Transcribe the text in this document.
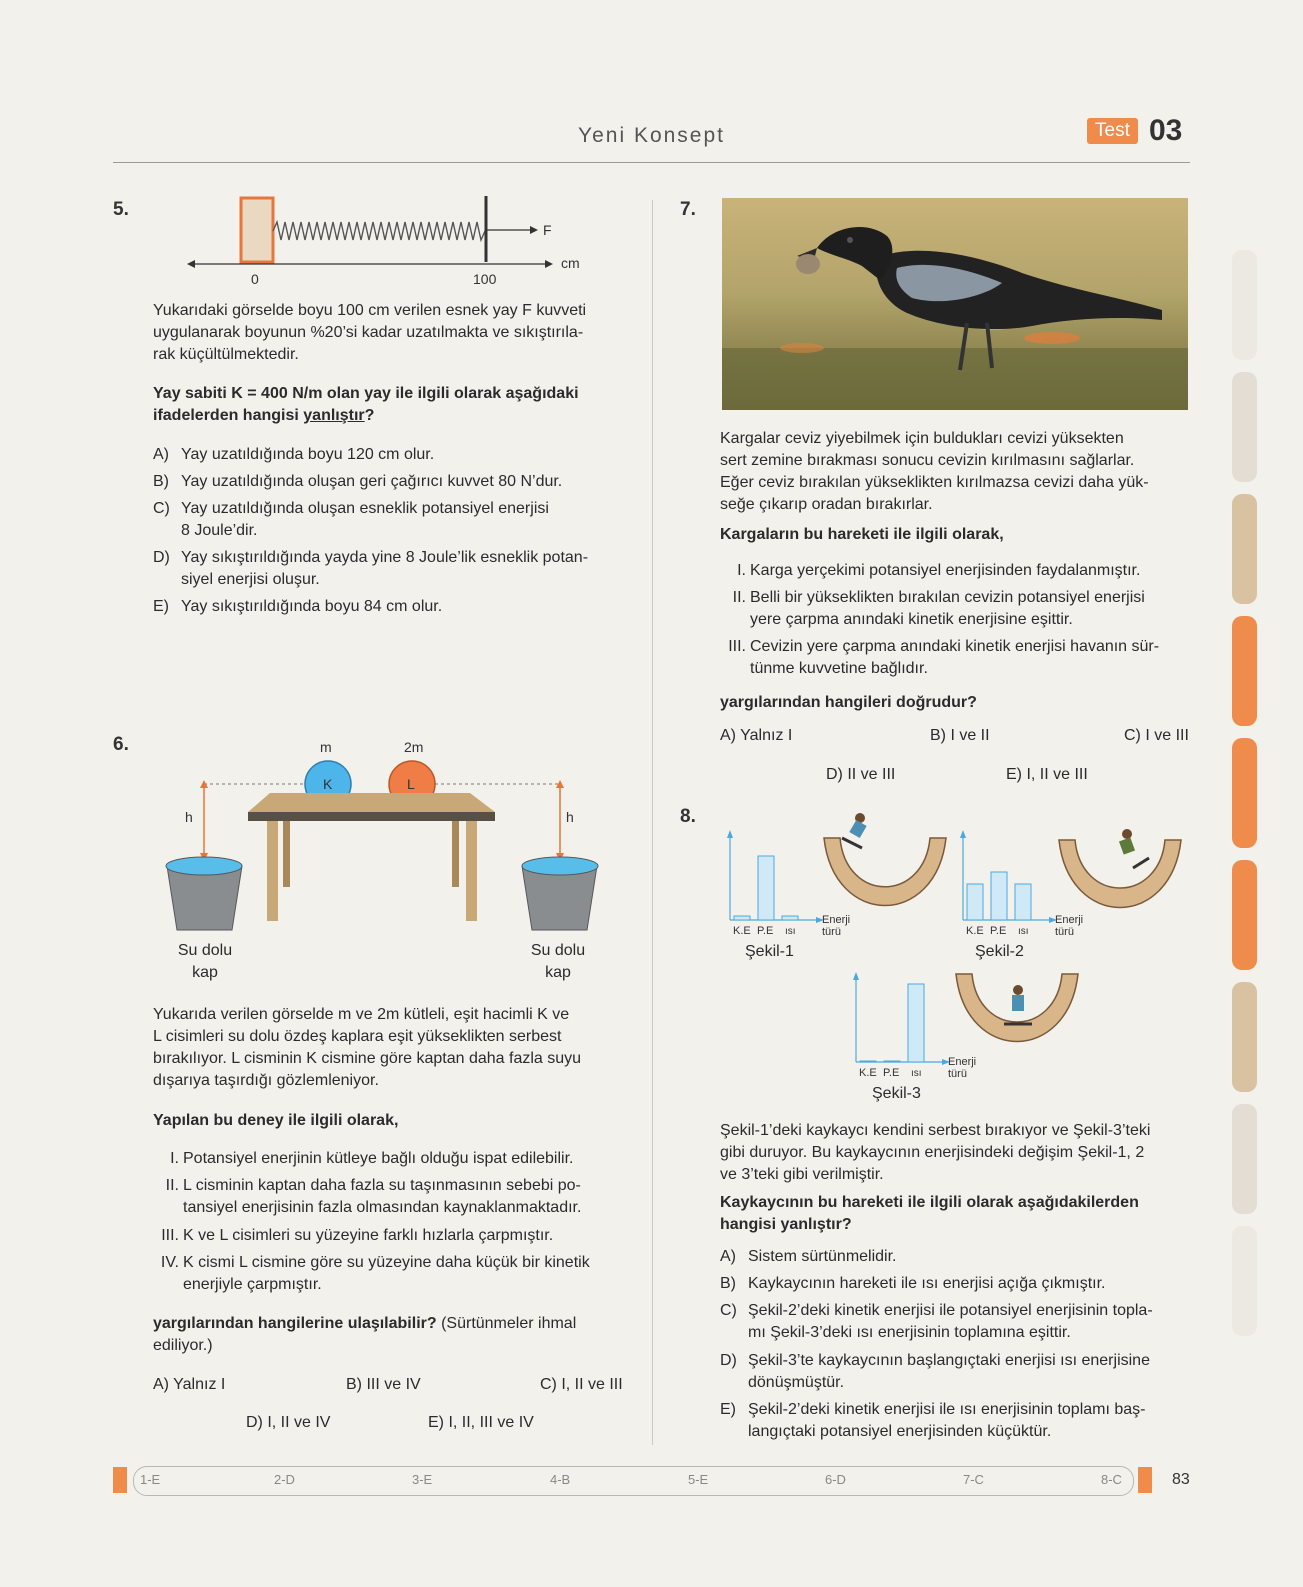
Yeni Konsept	Test 03
5.
F
cm
0	100
Yukarıdaki görselde boyu 100 cm verilen esnek yay F kuvveti
uygulanarak boyunun %20’si kadar uzatılmakta ve sıkıştırıla-
rak küçültülmektedir.
Yay sabiti K = 400 N/m olan yay ile ilgili olarak aşağıdaki
ifadelerden hangisi yanlıştır?
A) Yay uzatıldığında boyu 120 cm olur.
B) Yay uzatıldığında oluşan geri çağırıcı kuvvet 80 N’dur.
C) Yay uzatıldığında oluşan esneklik potansiyel enerjisi
8 Joule’dir.
D) Yay sıkıştırıldığında yayda yine 8 Joule’lik esneklik potan-
siyel enerjisi oluşur.
E) Yay sıkıştırıldığında boyu 84 cm olur.
6.	m	2m
K	L
h	h
Su dolu
kap
Su dolu
kap
Yukarıda verilen görselde m ve 2m kütleli, eşit hacimli K ve
L cisimleri su dolu özdeş kaplara eşit yükseklikten serbest
bırakılıyor. L cisminin K cismine göre kaptan daha fazla suyu
dışarıya taşırdığı gözlemleniyor.
Yapılan bu deney ile ilgili olarak,
I. Potansiyel enerjinin kütleye bağlı olduğu ispat edilebilir.
II. L cisminin kaptan daha fazla su taşınmasının sebebi po-
tansiyel enerjisinin fazla olmasından kaynaklanmaktadır.
III. K ve L cisimleri su yüzeyine farklı hızlarla çarpmıştır.
IV. K cismi L cismine göre su yüzeyine daha küçük bir kinetik
enerjiyle çarpmıştır.
yargılarından hangilerine ulaşılabilir? (Sürtünmeler ihmal
ediliyor.)
A) Yalnız I	B) III ve IV	C) I, II ve III
D) I, II ve IV	E) I, II, III ve IV
7.
Kargalar ceviz yiyebilmek için buldukları cevizi yüksekten
sert zemine bırakması sonucu cevizin kırılmasını sağlarlar.
Eğer ceviz bırakılan yükseklikten kırılmazsa cevizi daha yük-
seğe çıkarıp oradan bırakırlar.
Kargaların bu hareketi ile ilgili olarak,
I. Karga yerçekimi potansiyel enerjisinden faydalanmıştır.
II. Belli bir yükseklikten bırakılan cevizin potansiyel enerjisi
yere çarpma anındaki kinetik enerjisine eşittir.
III. Cevizin yere çarpma anındaki kinetik enerjisi havanın sür-
tünme kuvvetine bağlıdır.
yargılarından hangileri doğrudur?
A) Yalnız I	B) I ve II	C) I ve III
D) II ve III	E) I, II ve III
8.
K.E P.E ısı
Enerji
türü
Şekil-1
K.E P.E ısı
Enerji
türü
Şekil-2
K.E P.E ısı
Enerji
türü
Şekil-3
Şekil-1’deki kaykaycı kendini serbest bırakıyor ve Şekil-3’teki
gibi duruyor. Bu kaykaycının enerjisindeki değişim Şekil-1, 2
ve 3’teki gibi verilmiştir.
Kaykaycının bu hareketi ile ilgili olarak aşağıdakilerden
hangisi yanlıştır?
A) Sistem sürtünmelidir.
B) Kaykaycının hareketi ile ısı enerjisi açığa çıkmıştır.
C) Şekil-2’deki kinetik enerjisi ile potansiyel enerjisinin topla-
mı Şekil-3’deki ısı enerjisinin toplamına eşittir.
D) Şekil-3’te kaykaycının başlangıçtaki enerjisi ısı enerjisine
dönüşmüştür.
E) Şekil-2’deki kinetik enerjisi ile ısı enerjisinin toplamı baş-
langıçtaki potansiyel enerjisinden küçüktür.
1-E	2-D	3-E	4-B	5-E	6-D	7-C	8-C	83
